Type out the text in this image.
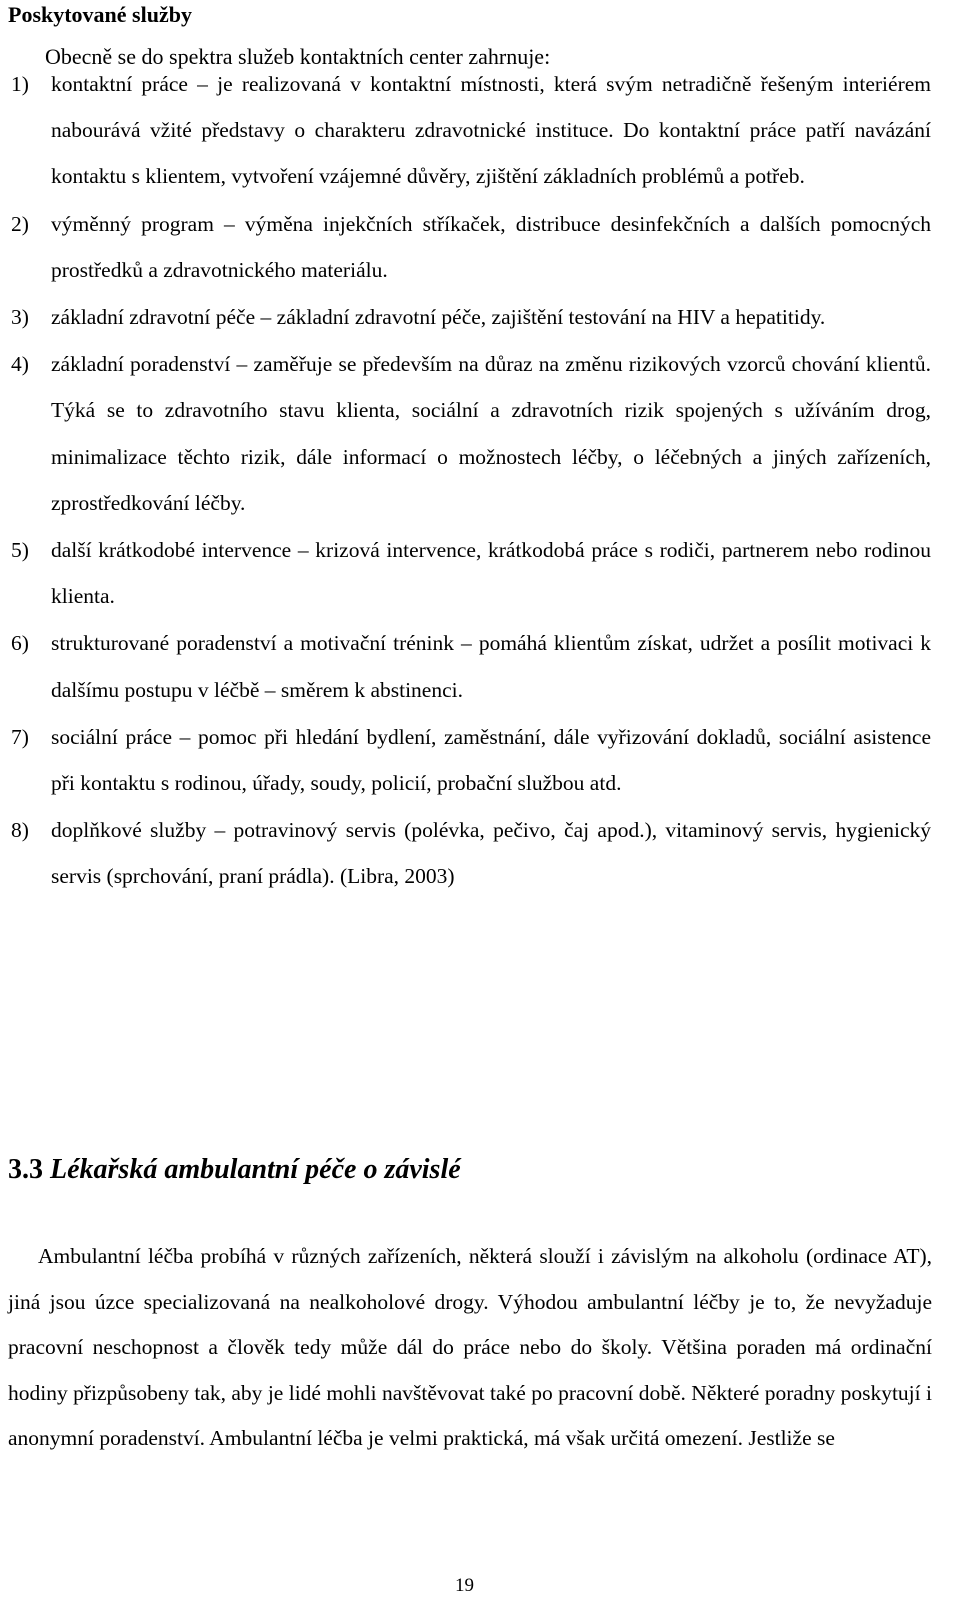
Poskytované služby

Obecně se do spektra služeb kontaktních center zahrnuje:

1) kontaktní práce – je realizovaná v kontaktní místnosti, která svým netradičně řešeným interiérem nabourává vžité představy o charakteru zdravotnické instituce. Do kontaktní práce patří navázání kontaktu s klientem, vytvoření vzájemné důvěry, zjištění základních problémů a potřeb.
2) výměnný program – výměna injekčních stříkaček, distribuce desinfekčních a dalších pomocných prostředků a zdravotnického materiálu.
3) základní zdravotní péče – základní zdravotní péče, zajištění testování na HIV a hepatitidy.
4) základní poradenství – zaměřuje se především na důraz na změnu rizikových vzorců chování klientů. Týká se to zdravotního stavu klienta, sociální a zdravotních rizik spojených s užíváním drog, minimalizace těchto rizik, dále informací o možnostech léčby, o léčebných a jiných zařízeních, zprostředkování léčby.
5) další krátkodobé intervence – krizová intervence, krátkodobá práce s rodiči, partnerem nebo rodinou klienta.
6) strukturované poradenství a motivační trénink – pomáhá klientům získat, udržet a posílit motivaci k dalšímu postupu v léčbě – směrem k abstinenci.
7) sociální práce – pomoc při hledání bydlení, zaměstnání, dále vyřizování dokladů, sociální asistence při kontaktu s rodinou, úřady, soudy, policií, probační službou atd.
8) doplňkové služby – potravinový servis (polévka, pečivo, čaj apod.), vitaminový servis, hygienický servis (sprchování, praní prádla). (Libra, 2003)
3.3 Lékařská ambulantní péče o závislé

Ambulantní léčba probíhá v různých zařízeních, některá slouží i závislým na alkoholu (ordinace AT), jiná jsou úzce specializovaná na nealkoholové drogy. Výhodou ambulantní léčby je to, že nevyžaduje pracovní neschopnost a člověk tedy může dál do práce nebo do školy. Většina poraden má ordinační hodiny přizpůsobeny tak, aby je lidé mohli navštěvovat také po pracovní době. Některé poradny poskytují i anonymní poradenství. Ambulantní léčba je velmi praktická, má však určitá omezení. Jestliže se

19
